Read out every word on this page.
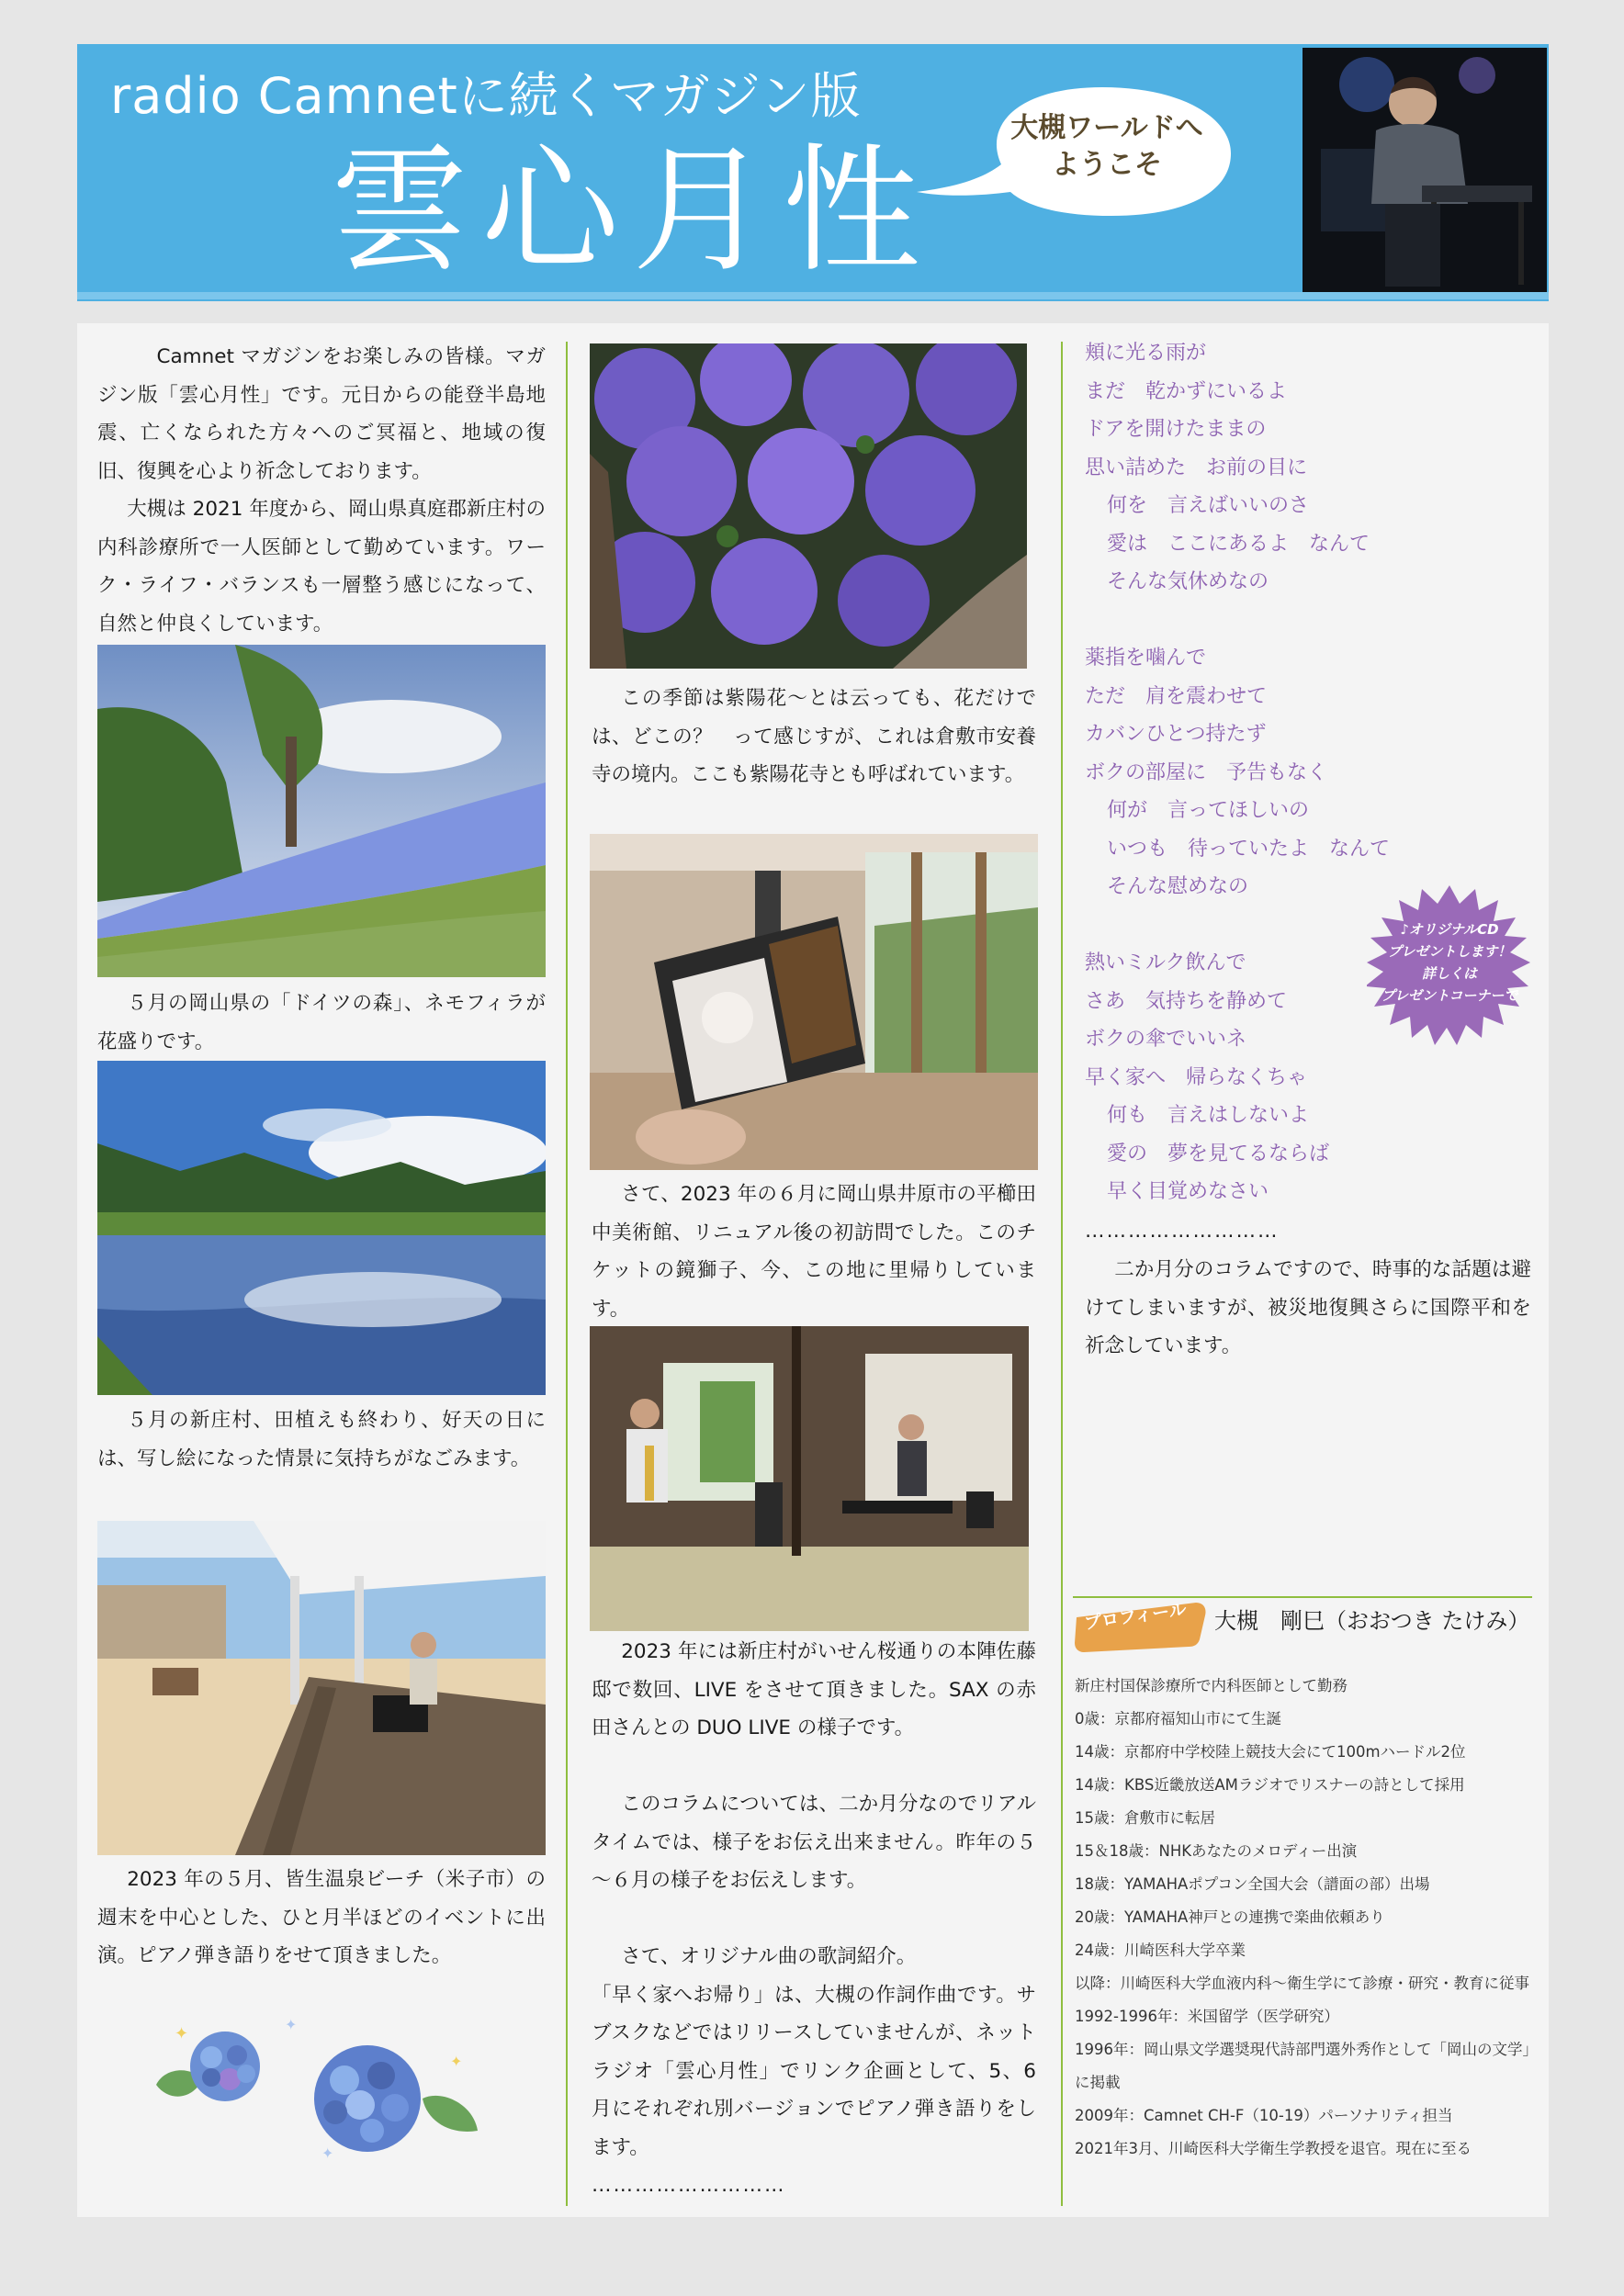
radio Camnetに続くマガジン版
雲心月性
大槻ワールドへ
ようこそ
Camnet マガジンをお楽しみの皆様。マガジン版「雲心月性」です。元日からの能登半島地震、亡くなられた方々へのご冥福と、地域の復旧、復興を心より祈念しております。
大槻は 2021 年度から、岡山県真庭郡新庄村の内科診療所で一人医師として勤めています。ワーク・ライフ・バランスも一層整う感じになって、自然と仲良くしています。
５月の岡山県の「ドイツの森」、ネモフィラが花盛りです。
５月の新庄村、田植えも終わり、好天の日には、写し絵になった情景に気持ちがなごみます。
2023 年の５月、皆生温泉ビーチ（米子市）の週末を中心とした、ひと月半ほどのイベントに出演。ピアノ弾き語りをせて頂きました。
✦	✦
✦
✦
この季節は紫陽花～とは云っても、花だけでは、どこの？　って感じすが、これは倉敷市安養寺の境内。ここも紫陽花寺とも呼ばれています。
さて、2023 年の６月に岡山県井原市の平櫛田中美術館、リニュアル後の初訪問でした。このチケットの鏡獅子、今、この地に里帰りしています。
2023 年には新庄村がいせん桜通りの本陣佐藤邸で数回、LIVE をさせて頂きました。SAX の赤田さんとの DUO LIVE の様子です。
このコラムについては、二か月分なのでリアルタイムでは、様子をお伝え出来ません。昨年の５～６月の様子をお伝えします。
さて、オリジナル曲の歌詞紹介。
「早く家へお帰り」は、大槻の作詞作曲です。サブスクなどではリリースしていませんが、ネットラジオ「雲心月性」でリンク企画として、5、6 月にそれぞれ別バージョンでピアノ弾き語りをします。
………………………
頬に光る雨が
まだ　乾かずにいるよ
ドアを開けたままの
思い詰めた　お前の目に
何を　言えばいいのさ
愛は　ここにあるよ　なんて
そんな気休めなの
薬指を噛んで
ただ　肩を震わせて
カバンひとつ持たず
ボクの部屋に　予告もなく
何が　言ってほしいの
いつも　待っていたよ　なんて
そんな慰めなの
熱いミルク飲んで
さあ　気持ちを静めて
ボクの傘でいいネ
早く家へ　帰らなくちゃ
何も　言えはしないよ
愛の　夢を見てるならば
早く目覚めなさい
………………………
二か月分のコラムですので、時事的な話題は避けてしまいますが、被災地復興さらに国際平和を祈念しています。
♪オリジナルCD
プレゼントします！
詳しくは
プレゼントコーナーで
プロフィール 大槻　剛巳（おおつき たけみ）
新庄村国保診療所で内科医師として勤務
0歳：京都府福知山市にて生誕
14歳：京都府中学校陸上競技大会にて100mハードル2位
14歳：KBS近畿放送AMラジオでリスナーの詩として採用
15歳：倉敷市に転居
15＆18歳：NHKあなたのメロディー出演
18歳：YAMAHAポプコン全国大会（譜面の部）出場
20歳：YAMAHA神戸との連携で楽曲依頼あり
24歳：川崎医科大学卒業
以降：川崎医科大学血液内科～衛生学にて診療・研究・教育に従事
1992-1996年：米国留学（医学研究）
1996年：岡山県文学選奨現代詩部門選外秀作として「岡山の文学」に掲載
2009年：Camnet CH-F（10-19）パーソナリティ担当
2021年3月、川崎医科大学衛生学教授を退官。現在に至る
